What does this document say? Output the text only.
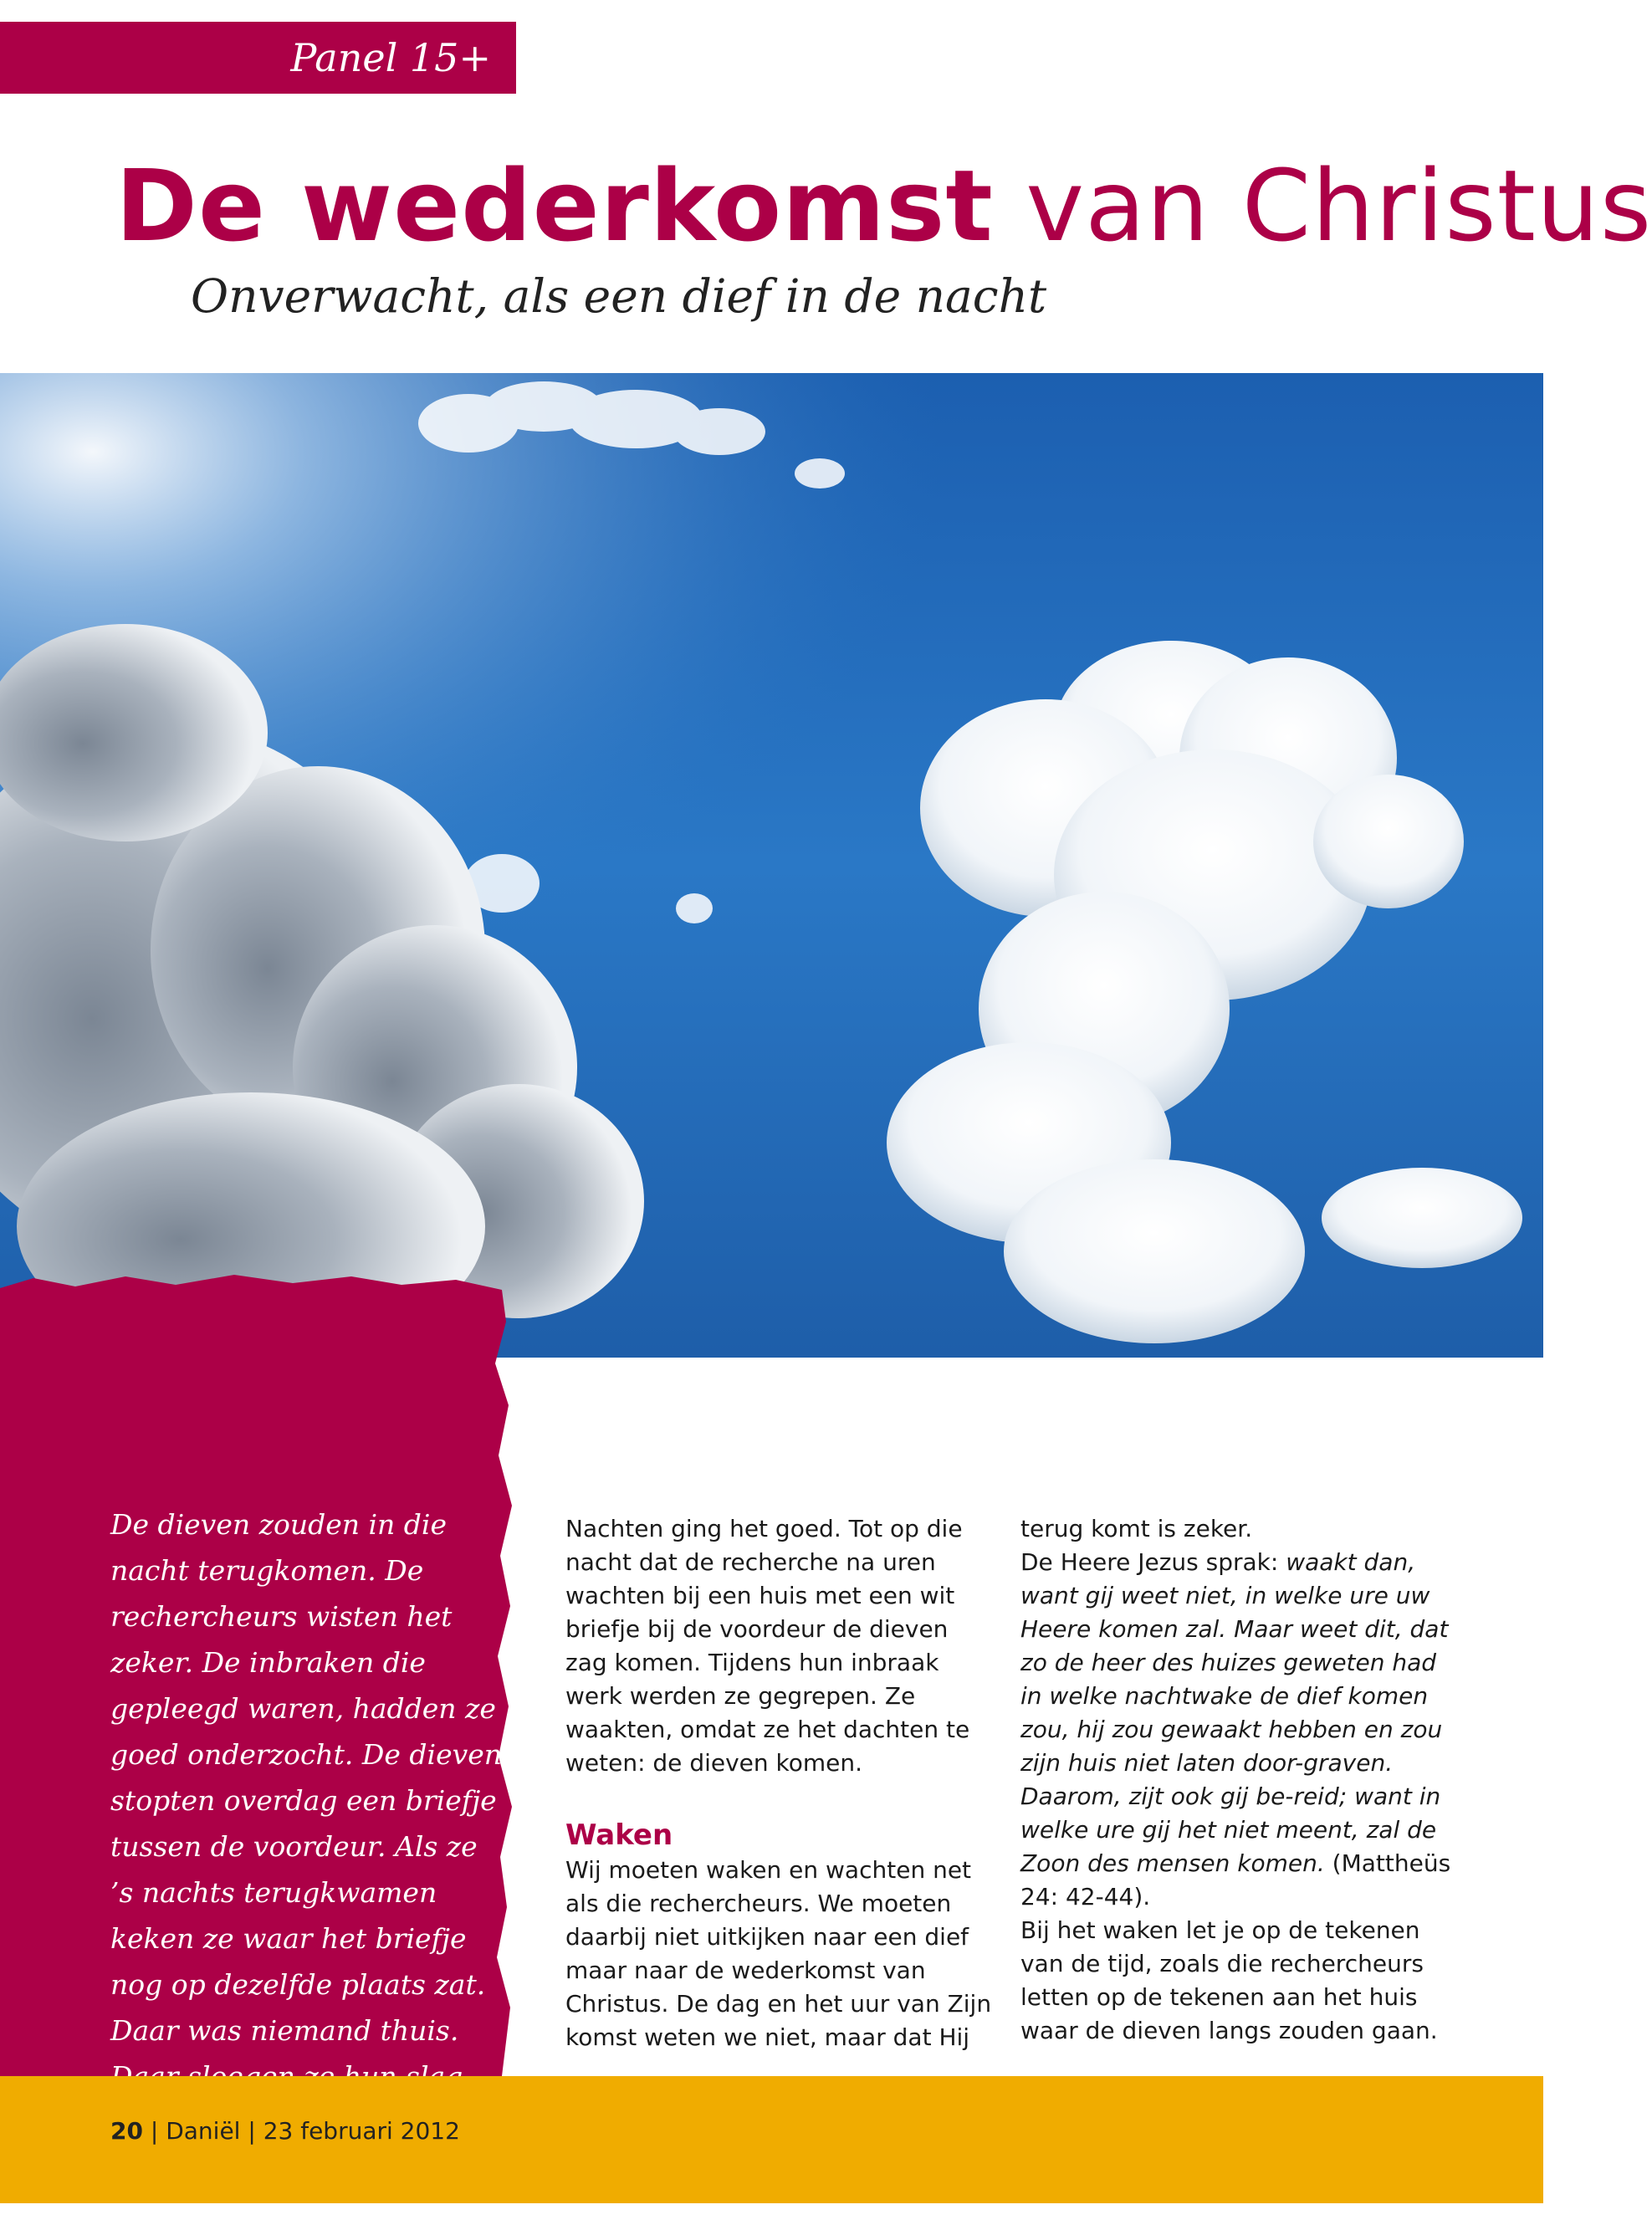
Panel 15+
De wederkomst van Christus
Onverwacht, als een dief in de nacht

De dieven zouden in die nacht terugkomen. De rechercheurs wisten het zeker. De inbraken die gepleegd waren, hadden ze goed onderzocht. De dieven stopten overdag een briefje tussen de voordeur. Als ze ’s nachts terugkwamen keken ze waar het briefje nog op dezelfde plaats zat. Daar was niemand thuis.

Nachten ging het goed. Tot op die nacht dat de recherche na uren wachten bij een huis met een wit briefje bij de voordeur de dieven zag komen. Tijdens hun inbraak werk werden ze gegrepen. Ze waakten, omdat ze het dachten te weten: de dieven komen.

Waken

Wij moeten waken en wachten net als die rechercheurs. We moeten daarbij niet uitkijken naar een dief maar naar de wederkomst van Christus. De dag en het uur van Zijn komst weten we niet, maar dat Hij

terug komt is zeker.

De Heere Jezus sprak: waakt dan, want gij weet niet, in welke ure uw Heere komen zal. Maar weet dit, dat zo de heer des huizes geweten had in welke nachtwake de dief komen zou, hij zou gewaakt hebben en zou zijn huis niet laten door-graven. Daarom, zijt ook gij be-reid; want in welke ure gij het niet meent, zal de Zoon des mensen komen. (Mattheüs 24: 42-44).

Bij het waken let je op de tekenen van de tijd, zoals die rechercheurs letten op de tekenen aan het huis waar de dieven langs zouden gaan.

20 | Daniël | 23 februari 2012
